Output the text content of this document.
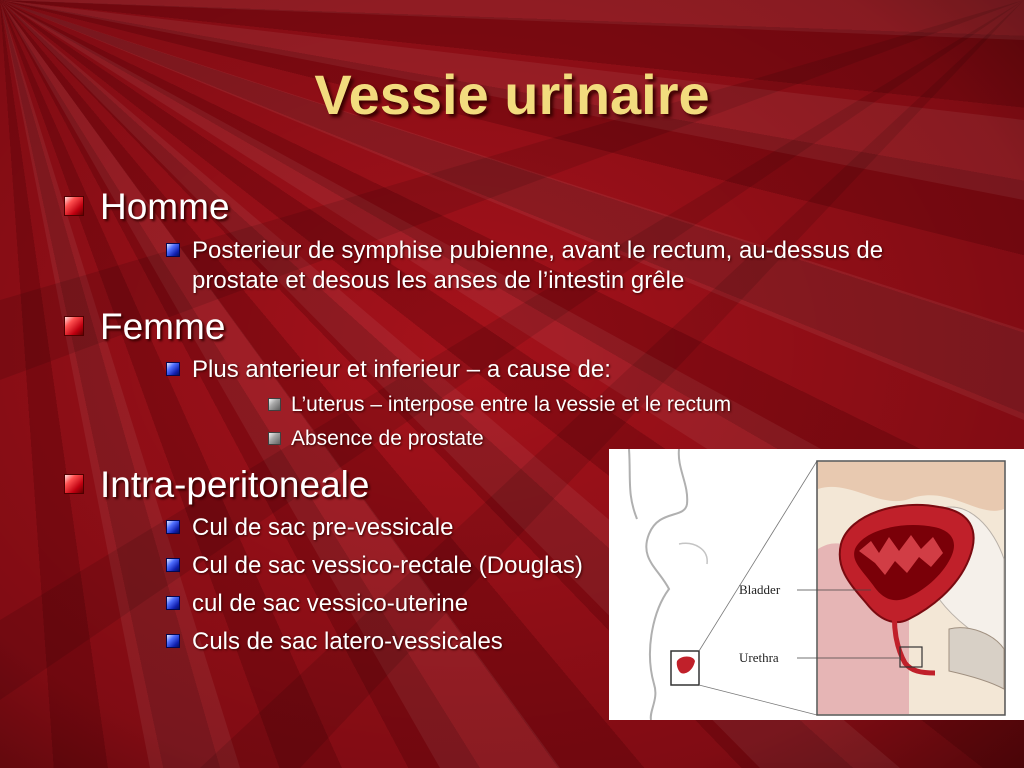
Vessie urinaire
Homme
Posterieur de symphise pubienne, avant le rectum, au-dessus de prostate et desous les anses de l’intestin grêle
Femme
Plus anterieur et inferieur – a cause de:
L’uterus – interpose entre la vessie et le rectum
Absence de prostate
Intra-peritoneale
Cul de sac pre-vessicale
Cul de sac vessico-rectale (Douglas)
cul de sac vessico-uterine
Culs de sac latero-vessicales
Bladder
Urethra
